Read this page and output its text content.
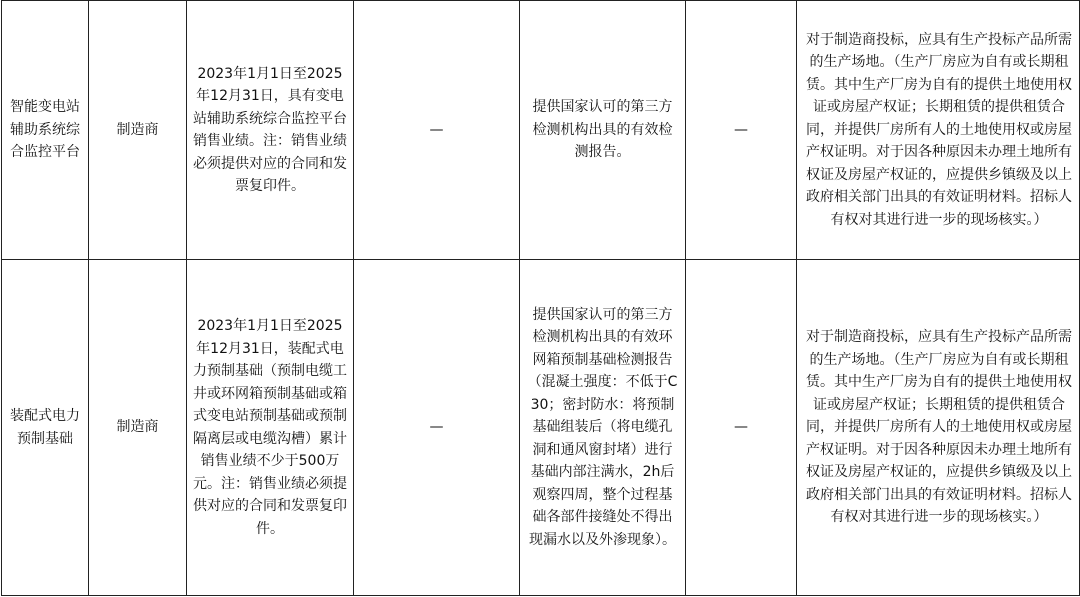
智能变电站辅助系统综合监控平台	制造商	2023年1月1日至2025年12月31日，具有变电站辅助系统综合监控平台销售业绩。注：销售业绩必须提供对应的合同和发票复印件。	—	提供国家认可的第三方检测机构出具的有效检测报告。	—	对于制造商投标，应具有生产投标产品所需的生产场地。（生产厂房应为自有或长期租赁。其中生产厂房为自有的提供土地使用权证或房屋产权证；长期租赁的提供租赁合同，并提供厂房所有人的土地使用权或房屋产权证明。对于因各种原因未办理土地所有权证及房屋产权证的，应提供乡镇级及以上政府相关部门出具的有效证明材料。招标人有权对其进行进一步的现场核实。）

装配式电力预制基础	制造商	2023年1月1日至2025年12月31日，装配式电力预制基础（预制电缆工井或环网箱预制基础或箱式变电站预制基础或预制隔离层或电缆沟槽）累计销售业绩不少于500万元。注：销售业绩必须提供对应的合同和发票复印件。	—	提供国家认可的第三方检测机构出具的有效环网箱预制基础检测报告（混凝土强度：不低于C30；密封防水：将预制基础组装后（将电缆孔洞和通风窗封堵）进行基础内部注满水，2h后观察四周，整个过程基础各部件接缝处不得出现漏水以及外渗现象）。	—	对于制造商投标，应具有生产投标产品所需的生产场地。（生产厂房应为自有或长期租赁。其中生产厂房为自有的提供土地使用权证或房屋产权证；长期租赁的提供租赁合同，并提供厂房所有人的土地使用权或房屋产权证明。对于因各种原因未办理土地所有权证及房屋产权证的，应提供乡镇级及以上政府相关部门出具的有效证明材料。招标人有权对其进行进一步的现场核实。）
